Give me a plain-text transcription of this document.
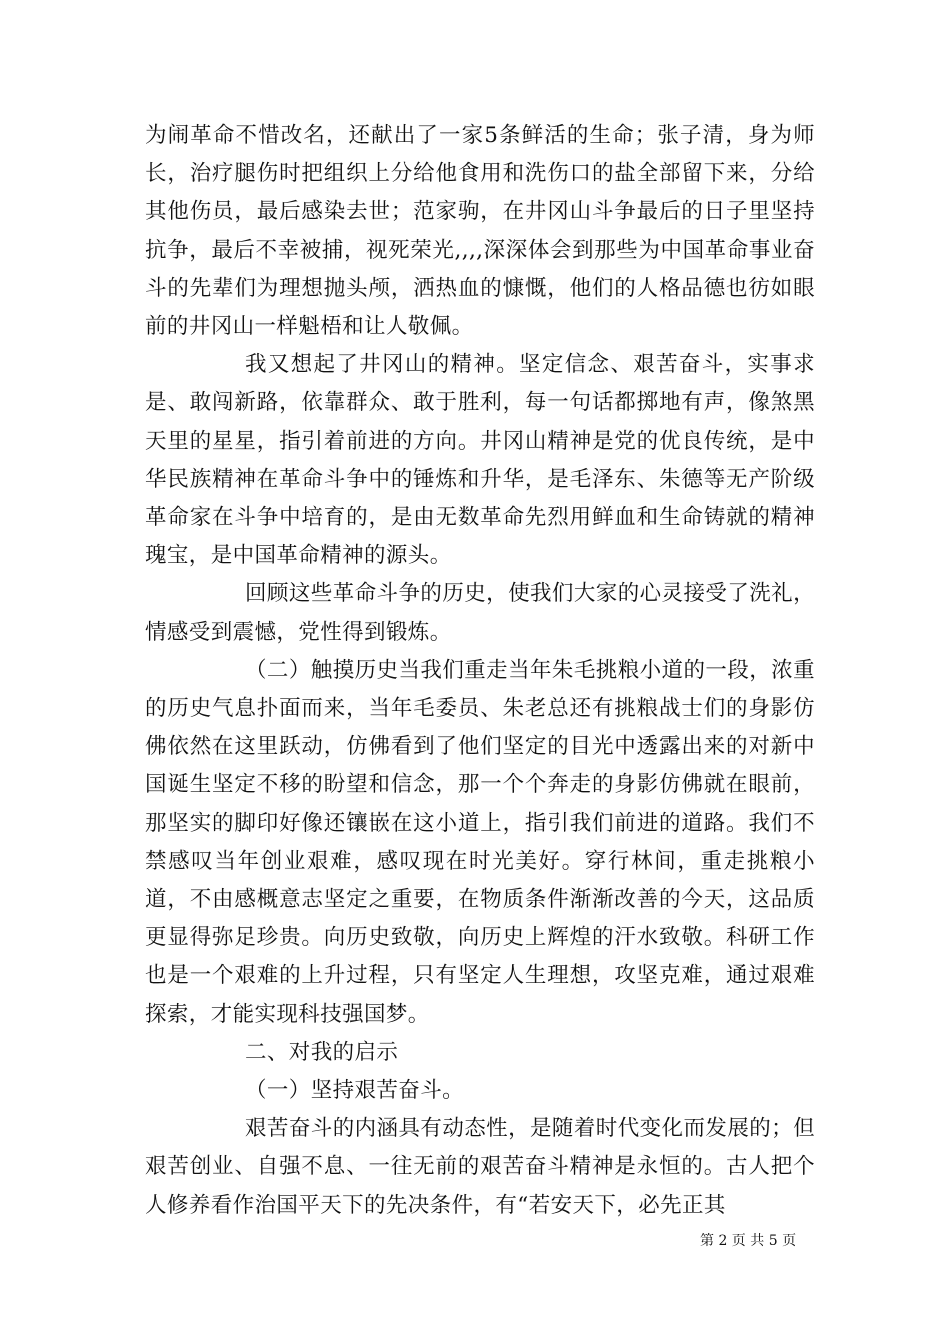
为闹革命不惜改名，还献出了一家5条鲜活的生命；张子清，身为师长，治疗腿伤时把组织上分给他食用和洗伤口的盐全部留下来，分给其他伤员，最后感染去世；范家驹，在井冈山斗争最后的日子里坚持抗争，最后不幸被捕，视死荣光,,,,深深体会到那些为中国革命事业奋斗的先辈们为理想抛头颅，洒热血的慷慨，他们的人格品德也彷如眼前的井冈山一样魁梧和让人敬佩。

我又想起了井冈山的精神。坚定信念、艰苦奋斗，实事求是、敢闯新路，依靠群众、敢于胜利，每一句话都掷地有声，像煞黑天里的星星，指引着前进的方向。井冈山精神是党的优良传统，是中华民族精神在革命斗争中的锤炼和升华，是毛泽东、朱德等无产阶级革命家在斗争中培育的，是由无数革命先烈用鲜血和生命铸就的精神瑰宝，是中国革命精神的源头。

回顾这些革命斗争的历史，使我们大家的心灵接受了洗礼，情感受到震憾，党性得到锻炼。

（二）触摸历史当我们重走当年朱毛挑粮小道的一段，浓重的历史气息扑面而来，当年毛委员、朱老总还有挑粮战士们的身影仿佛依然在这里跃动，仿佛看到了他们坚定的目光中透露出来的对新中国诞生坚定不移的盼望和信念，那一个个奔走的身影仿佛就在眼前，那坚实的脚印好像还镶嵌在这小道上，指引我们前进的道路。我们不禁感叹当年创业艰难，感叹现在时光美好。穿行林间，重走挑粮小道，不由感概意志坚定之重要，在物质条件渐渐改善的今天，这品质更显得弥足珍贵。向历史致敬，向历史上辉煌的汗水致敬。科研工作也是一个艰难的上升过程，只有坚定人生理想，攻坚克难，通过艰难探索，才能实现科技强国梦。

二、对我的启示

（一）坚持艰苦奋斗。

艰苦奋斗的内涵具有动态性，是随着时代变化而发展的；但艰苦创业、自强不息、一往无前的艰苦奋斗精神是永恒的。古人把个人修养看作治国平天下的先决条件，有“若安天下，必先正其

第 2 页 共 5 页
